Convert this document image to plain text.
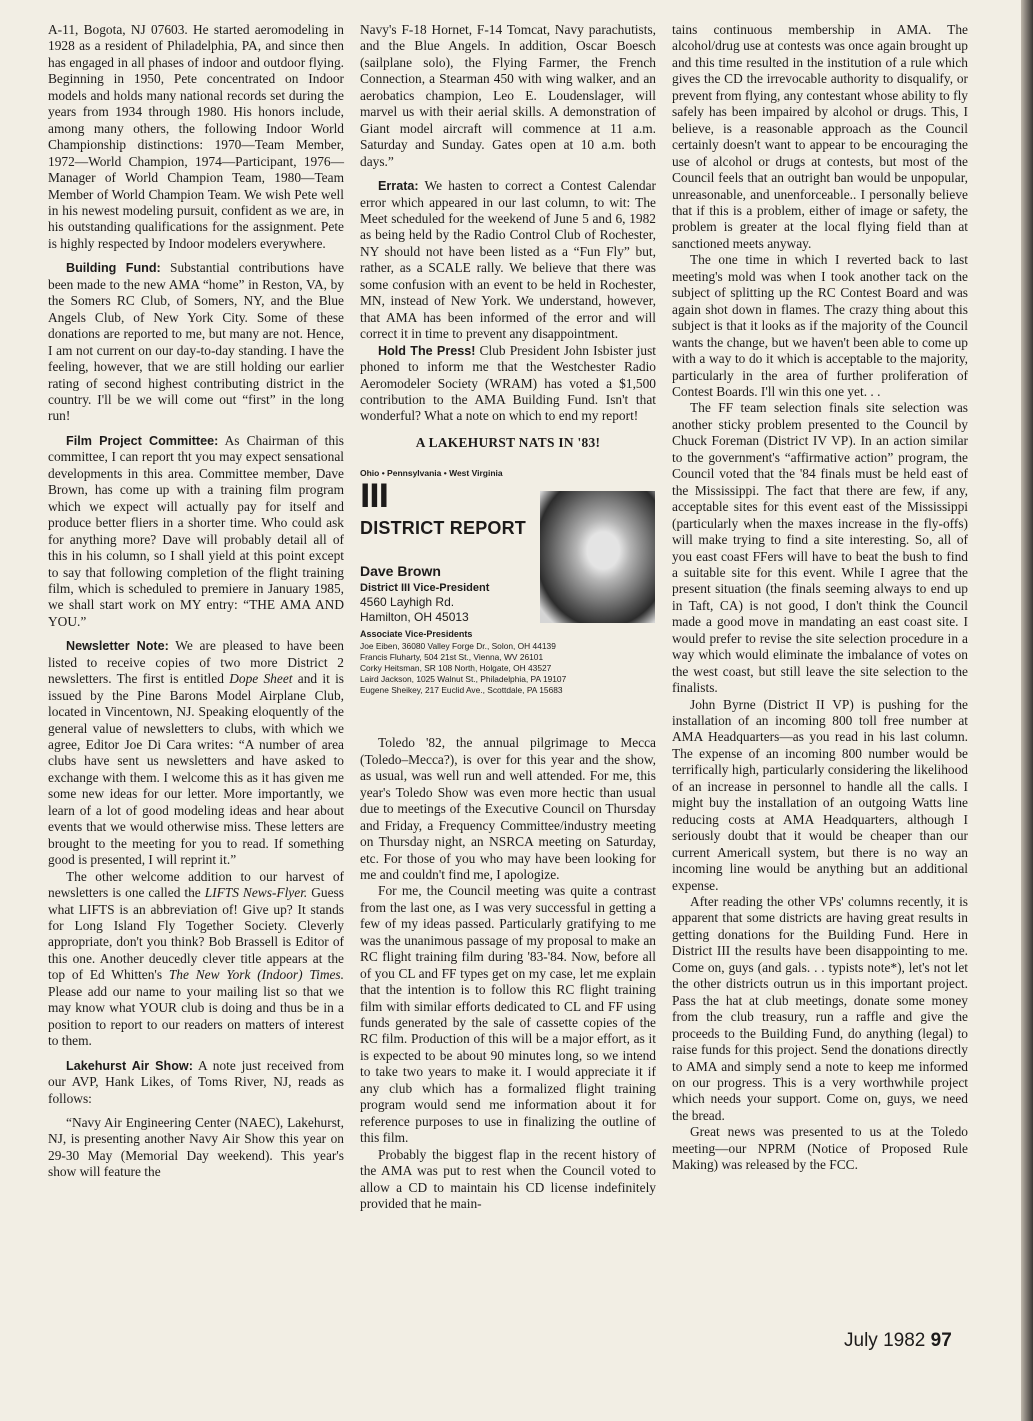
A-11, Bogota, NJ 07603. He started aeromodeling in 1928 as a resident of Philadelphia, PA, and since then has engaged in all phases of indoor and outdoor flying. Beginning in 1950, Pete concentrated on Indoor models and holds many national records set during the years from 1934 through 1980. His honors include, among many others, the following Indoor World Championship distinctions: 1970—Team Member, 1972—World Champion, 1974—Participant, 1976—Manager of World Champion Team, 1980—Team Member of World Champion Team. We wish Pete well in his newest modeling pursuit, confident as we are, in his outstanding qualifications for the assignment. Pete is highly respected by Indoor modelers everywhere.

Building Fund: Substantial contributions have been made to the new AMA “home” in Reston, VA, by the Somers RC Club, of Somers, NY, and the Blue Angels Club, of New York City. Some of these donations are reported to me, but many are not. Hence, I am not current on our day-to-day standing. I have the feeling, however, that we are still holding our earlier rating of second highest contributing district in the country. I'll be we will come out “first” in the long run!

Film Project Committee: As Chairman of this committee, I can report tht you may expect sensational developments in this area. Committee member, Dave Brown, has come up with a training film program which we expect will actually pay for itself and produce better fliers in a shorter time. Who could ask for anything more? Dave will probably detail all of this in his column, so I shall yield at this point except to say that following completion of the flight training film, which is scheduled to premiere in January 1985, we shall start work on MY entry: “THE AMA AND YOU.”

Newsletter Note: We are pleased to have been listed to receive copies of two more District 2 newsletters. The first is entitled Dope Sheet and it is issued by the Pine Barons Model Airplane Club, located in Vincentown, NJ. Speaking eloquently of the general value of newsletters to clubs, with which we agree, Editor Joe Di Cara writes: “A number of area clubs have sent us newsletters and have asked to exchange with them. I welcome this as it has given me some new ideas for our letter. More importantly, we learn of a lot of good modeling ideas and hear about events that we would otherwise miss. These letters are brought to the meeting for you to read. If something good is presented, I will reprint it.”

The other welcome addition to our harvest of newsletters is one called the LIFTS News-Flyer. Guess what LIFTS is an abbreviation of! Give up? It stands for Long Island Fly Together Society. Cleverly appropriate, don't you think? Bob Brassell is Editor of this one. Another deucedly clever title appears at the top of Ed Whitten's The New York (Indoor) Times. Please add our name to your mailing list so that we may know what YOUR club is doing and thus be in a position to report to our readers on matters of interest to them.

Lakehurst Air Show: A note just received from our AVP, Hank Likes, of Toms River, NJ, reads as follows:

“Navy Air Engineering Center (NAEC), Lakehurst, NJ, is presenting another Navy Air Show this year on 29-30 May (Memorial Day weekend). This year's show will feature the

Navy's F-18 Hornet, F-14 Tomcat, Navy parachutists, and the Blue Angels. In addition, Oscar Boesch (sailplane solo), the Flying Farmer, the French Connection, a Stearman 450 with wing walker, and an aerobatics champion, Leo E. Loudenslager, will marvel us with their aerial skills. A demonstration of Giant model aircraft will commence at 11 a.m. Saturday and Sunday. Gates open at 10 a.m. both days.”

Errata: We hasten to correct a Contest Calendar error which appeared in our last column, to wit: The Meet scheduled for the weekend of June 5 and 6, 1982 as being held by the Radio Control Club of Rochester, NY should not have been listed as a “Fun Fly” but, rather, as a SCALE rally. We believe that there was some confusion with an event to be held in Rochester, MN, instead of New York. We understand, however, that AMA has been informed of the error and will correct it in time to prevent any disappointment.

Hold The Press! Club President John Isbister just phoned to inform me that the Westchester Radio Aeromodeler Society (WRAM) has voted a $1,500 contribution to the AMA Building Fund. Isn't that wonderful? What a note on which to end my report!

A LAKEHURST NATS IN '83!

Ohio • Pennsylvania • West Virginia
III
DISTRICT REPORT
Dave Brown
District III Vice-President
4560 Layhigh Rd.
Hamilton, OH 45013
Associate Vice-Presidents
Joe Eiben, 36080 Valley Forge Dr., Solon, OH 44139
Francis Fluharty, 504 21st St., Vienna, WV 26101
Corky Heitsman, SR 108 North, Holgate, OH 43527
Laird Jackson, 1025 Walnut St., Philadelphia, PA 19107
Eugene Sheikey, 217 Euclid Ave., Scottdale, PA 15683

Toledo '82, the annual pilgrimage to Mecca (Toledo–Mecca?), is over for this year and the show, as usual, was well run and well attended. For me, this year's Toledo Show was even more hectic than usual due to meetings of the Executive Council on Thursday and Friday, a Frequency Committee/industry meeting on Thursday night, an NSRCA meeting on Saturday, etc. For those of you who may have been looking for me and couldn't find me, I apologize.

For me, the Council meeting was quite a contrast from the last one, as I was very successful in getting a few of my ideas passed. Particularly gratifying to me was the unanimous passage of my proposal to make an RC flight training film during '83-'84. Now, before all of you CL and FF types get on my case, let me explain that the intention is to follow this RC flight training film with similar efforts dedicated to CL and FF using funds generated by the sale of cassette copies of the RC film. Production of this will be a major effort, as it is expected to be about 90 minutes long, so we intend to take two years to make it. I would appreciate it if any club which has a formalized flight training program would send me information about it for reference purposes to use in finalizing the outline of this film.

Probably the biggest flap in the recent history of the AMA was put to rest when the Council voted to allow a CD to maintain his CD license indefinitely provided that he main-

tains continuous membership in AMA. The alcohol/drug use at contests was once again brought up and this time resulted in the institution of a rule which gives the CD the irrevocable authority to disqualify, or prevent from flying, any contestant whose ability to fly safely has been impaired by alcohol or drugs. This, I believe, is a reasonable approach as the Council certainly doesn't want to appear to be encouraging the use of alcohol or drugs at contests, but most of the Council feels that an outright ban would be unpopular, unreasonable, and unenforceable.. I personally believe that if this is a problem, either of image or safety, the problem is greater at the local flying field than at sanctioned meets anyway.

The one time in which I reverted back to last meeting's mold was when I took another tack on the subject of splitting up the RC Contest Board and was again shot down in flames. The crazy thing about this subject is that it looks as if the majority of the Council wants the change, but we haven't been able to come up with a way to do it which is acceptable to the majority, particularly in the area of further proliferation of Contest Boards. I'll win this one yet. . .

The FF team selection finals site selection was another sticky problem presented to the Council by Chuck Foreman (District IV VP). In an action similar to the government's “affirmative action” program, the Council voted that the '84 finals must be held east of the Mississippi. The fact that there are few, if any, acceptable sites for this event east of the Mississippi (particularly when the maxes increase in the fly-offs) will make trying to find a site interesting. So, all of you east coast FFers will have to beat the bush to find a suitable site for this event. While I agree that the present situation (the finals seeming always to end up in Taft, CA) is not good, I don't think the Council made a good move in mandating an east coast site. I would prefer to revise the site selection procedure in a way which would eliminate the imbalance of votes on the west coast, but still leave the site selection to the finalists.

John Byrne (District II VP) is pushing for the installation of an incoming 800 toll free number at AMA Headquarters—as you read in his last column. The expense of an incoming 800 number would be terrifically high, particularly considering the likelihood of an increase in personnel to handle all the calls. I might buy the installation of an outgoing Watts line reducing costs at AMA Headquarters, although I seriously doubt that it would be cheaper than our current Americall system, but there is no way an incoming line would be anything but an additional expense.

After reading the other VPs' columns recently, it is apparent that some districts are having great results in getting donations for the Building Fund. Here in District III the results have been disappointing to me. Come on, guys (and gals. . . typists note*), let's not let the other districts outrun us in this important project. Pass the hat at club meetings, donate some money from the club treasury, run a raffle and give the proceeds to the Building Fund, do anything (legal) to raise funds for this project. Send the donations directly to AMA and simply send a note to keep me informed on our progress. This is a very worthwhile project which needs your support. Come on, guys, we need the bread.

Great news was presented to us at the Toledo meeting—our NPRM (Notice of Proposed Rule Making) was released by the FCC.

July 1982 97
